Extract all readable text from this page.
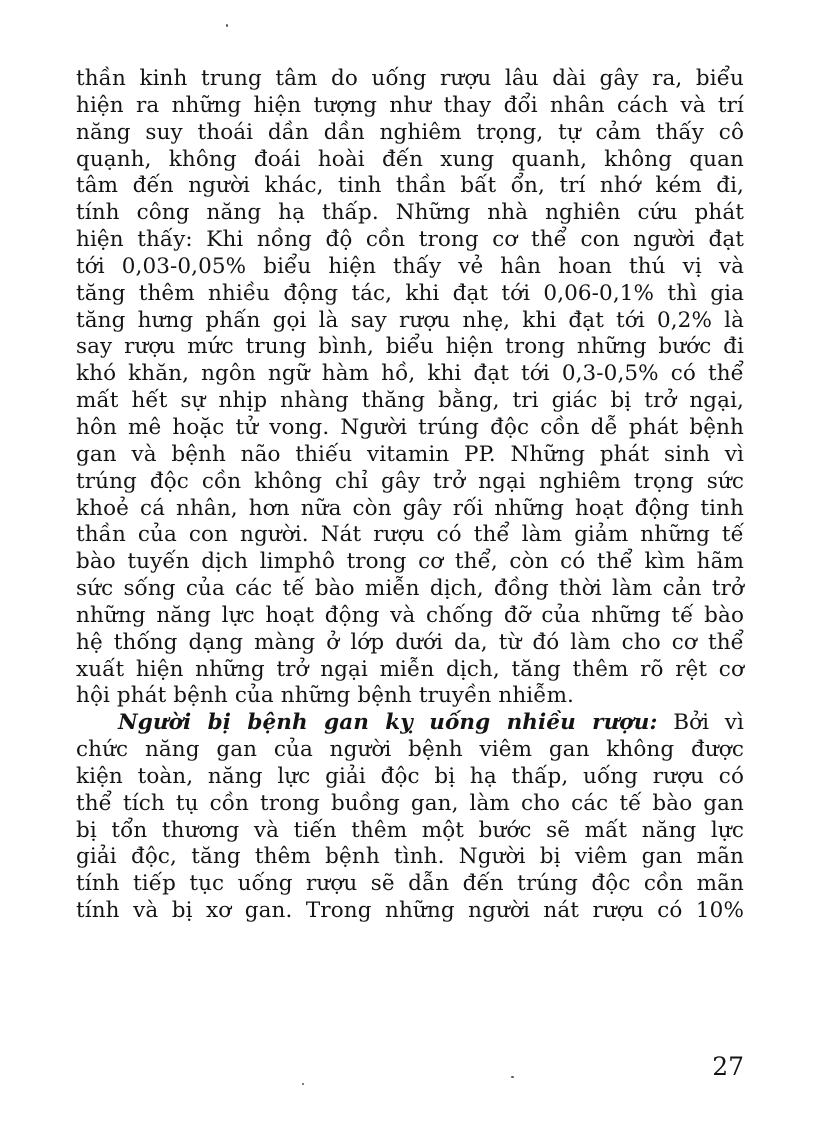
thần kinh trung tâm do uống rượu lâu dài gây ra, biểu
hiện ra những hiện tượng như thay đổi nhân cách và trí
năng suy thoái dần dần nghiêm trọng, tự cảm thấy cô
quạnh, không đoái hoài đến xung quanh, không quan
tâm đến người khác, tinh thần bất ổn, trí nhớ kém đi,
tính công năng hạ thấp. Những nhà nghiên cứu phát
hiện thấy: Khi nồng độ cồn trong cơ thể con người đạt
tới 0,03-0,05% biểu hiện thấy vẻ hân hoan thú vị và
tăng thêm nhiều động tác, khi đạt tới 0,06-0,1% thì gia
tăng hưng phấn gọi là say rượu nhẹ, khi đạt tới 0,2% là
say rượu mức trung bình, biểu hiện trong những bước đi
khó khăn, ngôn ngữ hàm hồ, khi đạt tới 0,3-0,5% có thể
mất hết sự nhịp nhàng thăng bằng, tri giác bị trở ngại,
hôn mê hoặc tử vong. Người trúng độc cồn dễ phát bệnh
gan và bệnh não thiếu vitamin PP. Những phát sinh vì
trúng độc cồn không chỉ gây trở ngại nghiêm trọng sức
khoẻ cá nhân, hơn nữa còn gây rối những hoạt động tinh
thần của con người. Nát rượu có thể làm giảm những tế
bào tuyến dịch limphô trong cơ thể, còn có thể kìm hãm
sức sống của các tế bào miễn dịch, đồng thời làm cản trở
những năng lực hoạt động và chống đỡ của những tế bào
hệ thống dạng màng ở lớp dưới da, từ đó làm cho cơ thể
xuất hiện những trở ngại miễn dịch, tăng thêm rõ rệt cơ
hội phát bệnh của những bệnh truyền nhiễm.
Người bị bệnh gan kỵ uống nhiều rượu: Bởi vì
chức năng gan của người bệnh viêm gan không được
kiện toàn, năng lực giải độc bị hạ thấp, uống rượu có
thể tích tụ cồn trong buồng gan, làm cho các tế bào gan
bị tổn thương và tiến thêm một bước sẽ mất năng lực
giải độc, tăng thêm bệnh tình. Người bị viêm gan mãn
tính tiếp tục uống rượu sẽ dẫn đến trúng độc cồn mãn
tính và bị xơ gan. Trong những người nát rượu có 10%
27
